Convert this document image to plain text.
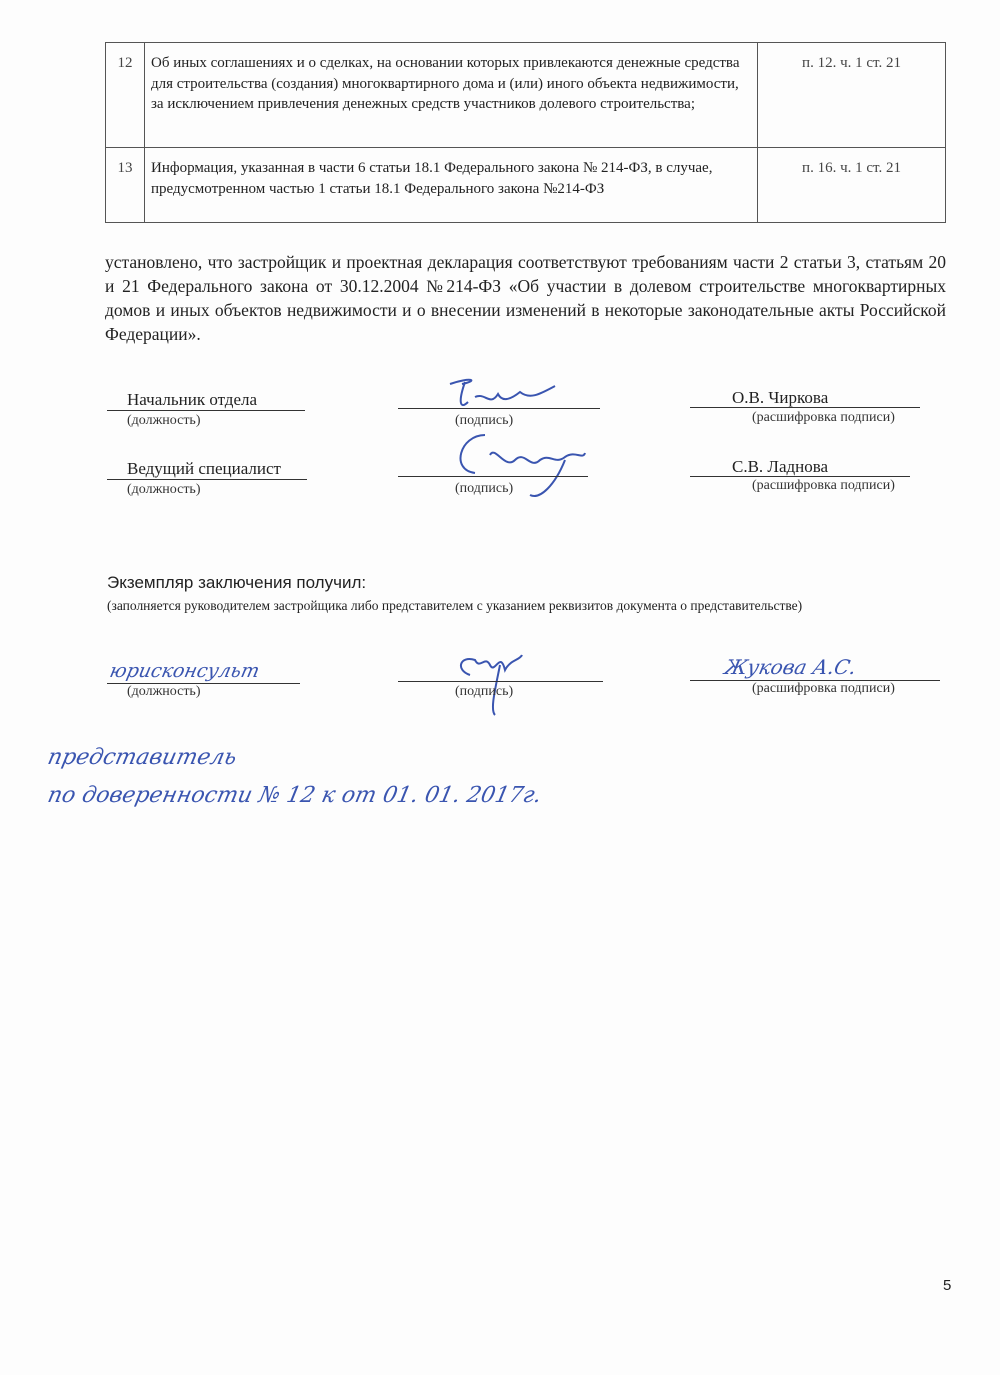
12	Об иных соглашениях и о сделках, на основании которых привлекаются денежные средства для строительства (создания) многоквартирного дома и (или) иного объекта недвижимости, за исключением привлечения денежных средств участников долевого строительства;	п. 12. ч. 1 ст. 21
13	Информация, указанная в части 6 статьи 18.1 Федерального закона № 214-ФЗ, в случае, предусмотренном частью 1 статьи 18.1 Федерального закона №214-ФЗ	п. 16. ч. 1 ст. 21
установлено, что застройщик и проектная декларация соответствуют требованиям части 2 статьи 3, статьям 20 и 21 Федерального закона от 30.12.2004 №214-ФЗ «Об участии в долевом строительстве многоквартирных домов и иных объектов недвижимости и о внесении изменений в некоторые законодательные акты Российской Федерации».
Начальник отдела
(должность)	(подпись)
О.В. Чиркова
(расшифровка подписи)
Ведущий специалист
(должность)	(подпись)
С.В. Ладнова
(расшифровка подписи)
Экземпляр заключения получил:
(заполняется руководителем застройщика либо представителем с указанием реквизитов документа о представительстве)
юрисконсульт
(должность)	(подпись)
Жукова А.С.
(расшифровка подписи)
представитель
по доверенности № 12 к от 01. 01. 2017г.
5
